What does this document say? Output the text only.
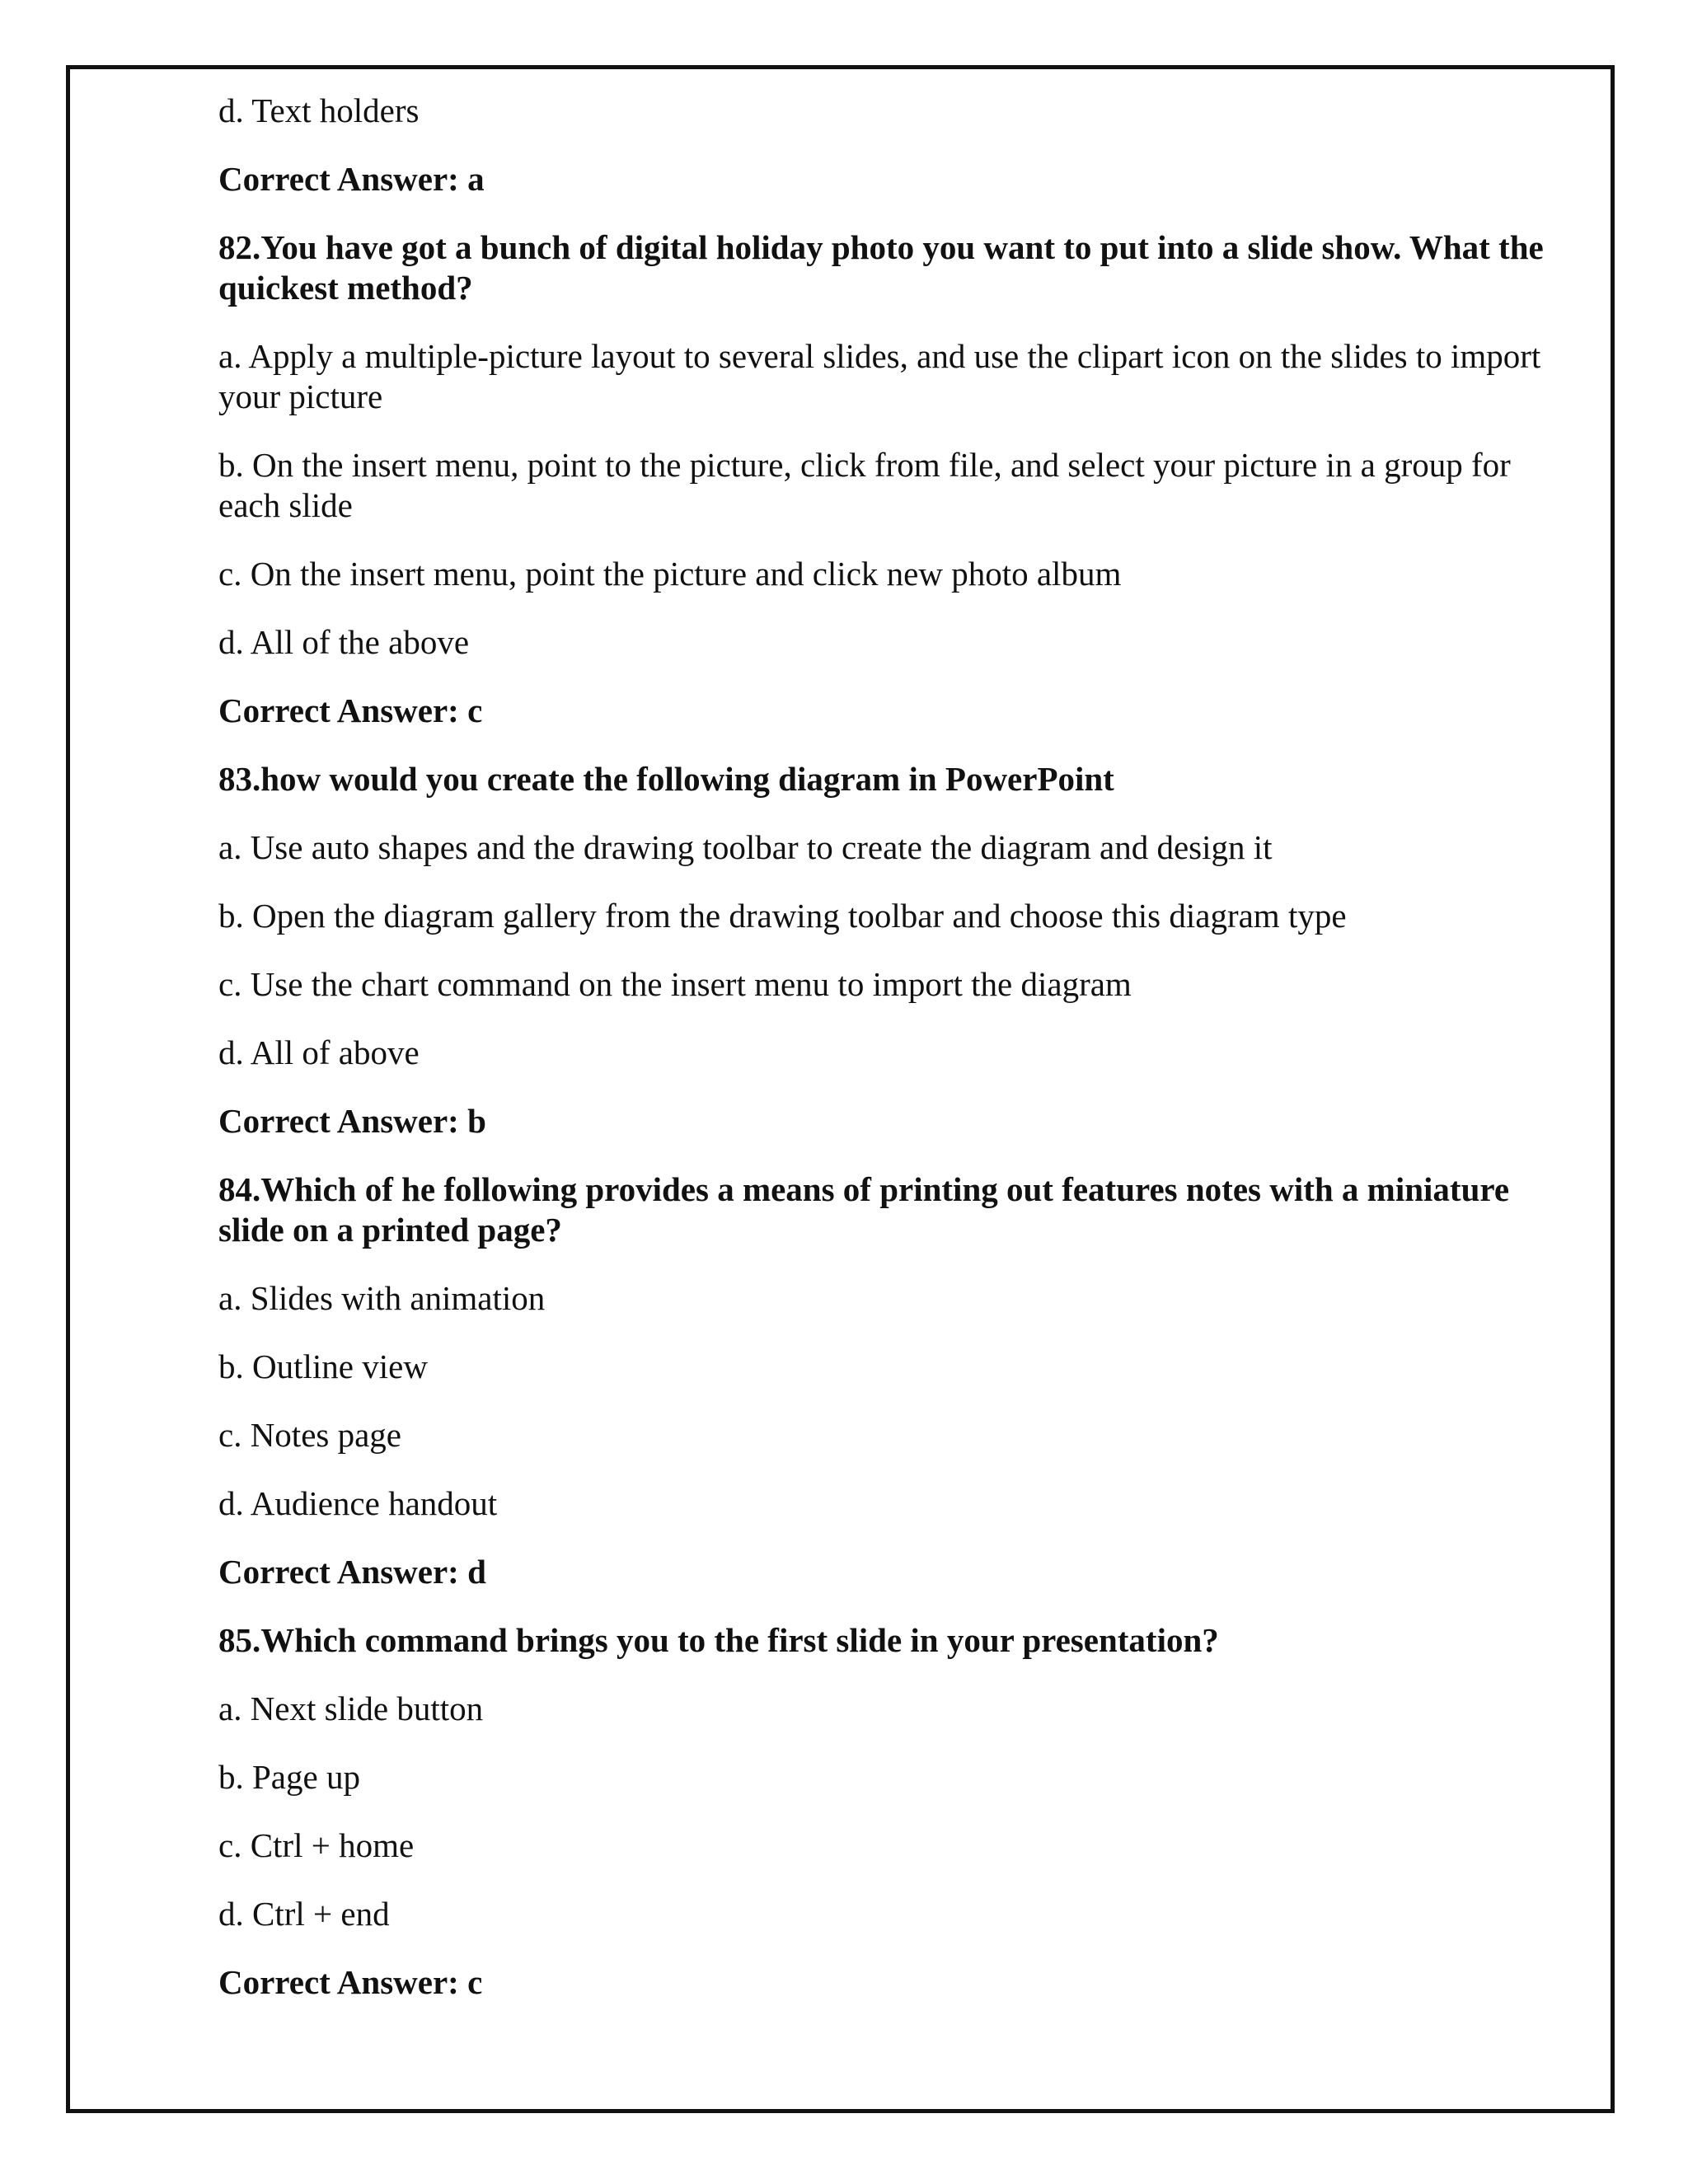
d. Text holders

Correct Answer: a

82.You have got a bunch of digital holiday photo you want to put into a slide show. What the quickest method?

a. Apply a multiple-picture layout to several slides, and use the clipart icon on the slides to import your picture

b. On the insert menu, point to the picture, click from file, and select your picture in a group for each slide

c. On the insert menu, point the picture and click new photo album

d. All of the above

Correct Answer: c

83.how would you create the following diagram in PowerPoint

a. Use auto shapes and the drawing toolbar to create the diagram and design it

b. Open the diagram gallery from the drawing toolbar and choose this diagram type

c. Use the chart command on the insert menu to import the diagram

d. All of above

Correct Answer: b

84.Which of he following provides a means of printing out features notes with a miniature slide on a printed page?

a. Slides with animation

b. Outline view

c. Notes page

d. Audience handout

Correct Answer: d

85.Which command brings you to the first slide in your presentation?

a. Next slide button

b. Page up

c. Ctrl + home

d. Ctrl + end

Correct Answer: c
